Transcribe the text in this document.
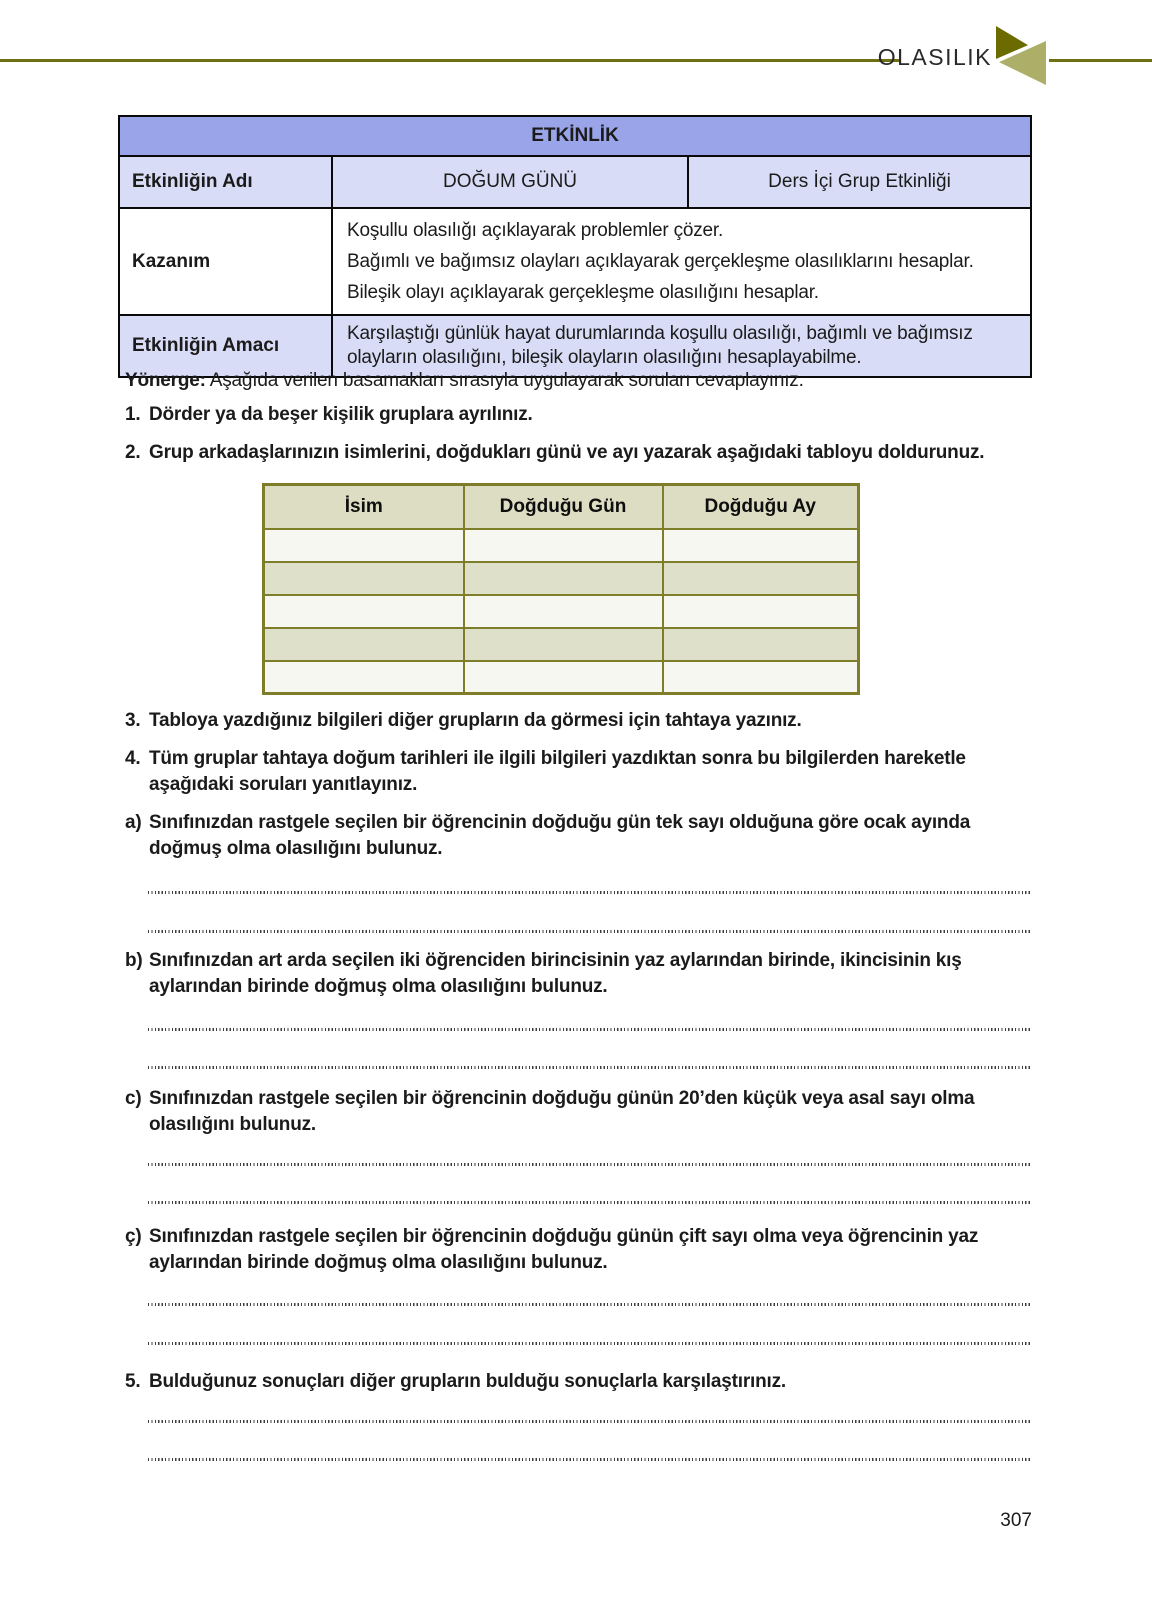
OLASILIK
ETKİNLİK		
Etkinliğin Adı	DOĞUM GÜNÜ	Ders İçi Grup Etkinliği
Kazanım	Koşullu olasılığı açıklayarak problemler çözer.
Bağımlı ve bağımsız olayları açıklayarak gerçekleşme olasılıklarını hesaplar.
Bileşik olayı açıklayarak gerçekleşme olasılığını hesaplar.	

Etkinliğin Amacı	Karşılaştığı günlük hayat durumlarında koşullu olasılığı, bağımlı ve bağımsız olayların olasılığını, bileşik olayların olasılığını hesaplayabilme.	
Yönerge: Aşağıda verilen basamakları sırasıyla uygulayarak soruları cevaplayınız.
1. Dörder ya da beşer kişilik gruplara ayrılınız.
2. Grup arkadaşlarınızın isimlerini, doğdukları günü ve ayı yazarak aşağıdaki tabloyu doldurunuz.
İsim	Doğduğu Gün	Doğduğu Ay

3. Tabloya yazdığınız bilgileri diğer grupların da görmesi için tahtaya yazınız.
4. Tüm gruplar tahtaya doğum tarihleri ile ilgili bilgileri yazdıktan sonra bu bilgilerden hareketle aşağıdaki soruları yanıtlayınız.
a) Sınıfınızdan rastgele seçilen bir öğrencinin doğduğu gün tek sayı olduğuna göre ocak ayında doğmuş olma olasılığını bulunuz.
b) Sınıfınızdan art arda seçilen iki öğrenciden birincisinin yaz aylarından birinde, ikincisinin kış aylarından birinde doğmuş olma olasılığını bulunuz.
c) Sınıfınızdan rastgele seçilen bir öğrencinin doğduğu günün 20’den küçük veya asal sayı olma olasılığını bulunuz.
ç) Sınıfınızdan rastgele seçilen bir öğrencinin doğduğu günün çift sayı olma veya öğrencinin yaz aylarından birinde doğmuş olma olasılığını bulunuz.
5. Bulduğunuz sonuçları diğer grupların bulduğu sonuçlarla karşılaştırınız.
307
